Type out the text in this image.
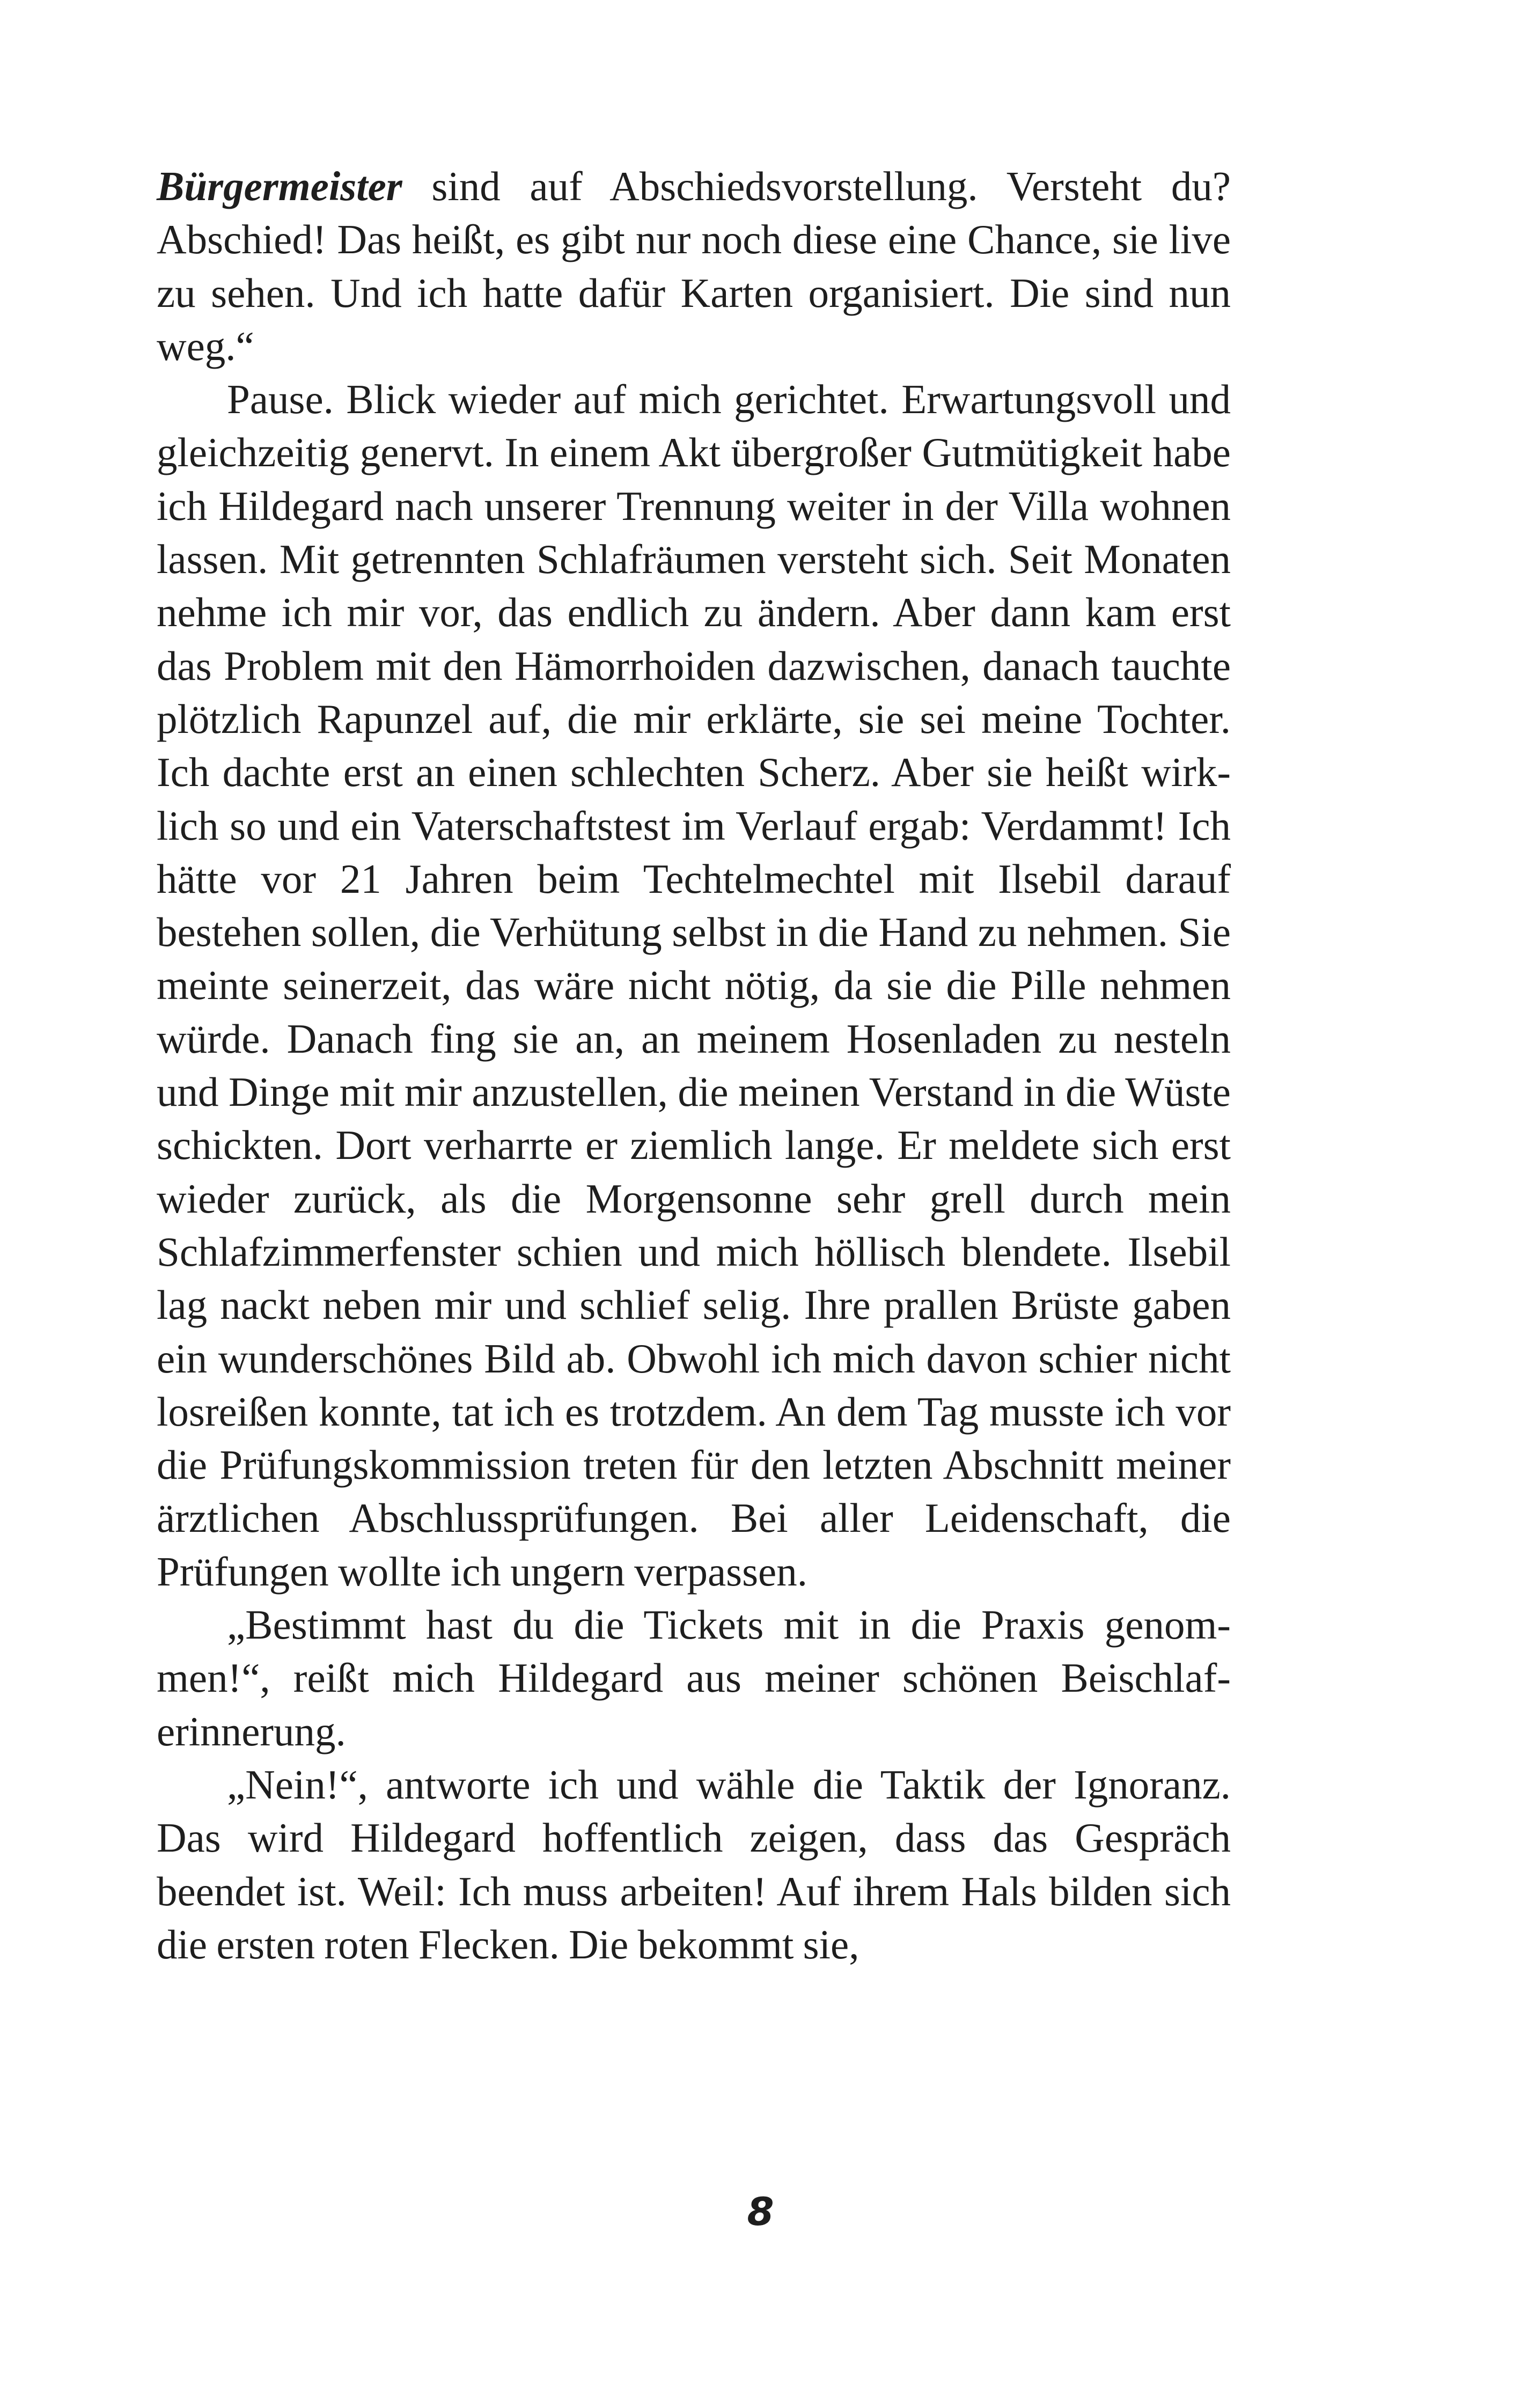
Bürgermeister sind auf Abschiedsvorstellung. Versteht du? Abschied! Das heißt, es gibt nur noch diese eine Chance, sie live zu sehen. Und ich hatte dafür Karten organisiert. Die sind nun weg.“

Pause. Blick wieder auf mich gerichtet. Erwartungsvoll und gleichzeitig genervt. In einem Akt übergroßer Gutmütigkeit habe ich Hildegard nach unserer Trennung weiter in der Villa wohnen lassen. Mit getrennten Schlafräumen versteht sich. Seit Monaten nehme ich mir vor, das endlich zu ändern. Aber dann kam erst das Problem mit den Hämorrhoiden dazwischen, danach tauchte plötzlich Rapunzel auf, die mir erklärte, sie sei meine Tochter. Ich dachte erst an einen schlechten Scherz. Aber sie heißt wirklich so und ein Vaterschaftstest im Verlauf ergab: Verdammt! Ich hätte vor 21 Jahren beim Techtelmechtel mit Ilsebil darauf bestehen sollen, die Verhütung selbst in die Hand zu nehmen. Sie meinte seinerzeit, das wäre nicht nötig, da sie die Pille nehmen würde. Danach fing sie an, an meinem Hosenladen zu nesteln und Dinge mit mir anzustellen, die meinen Verstand in die Wüste schickten. Dort verharrte er ziemlich lange. Er meldete sich erst wieder zurück, als die Morgensonne sehr grell durch mein Schlafzimmerfenster schien und mich höllisch blendete. Ilsebil lag nackt neben mir und schlief selig. Ihre prallen Brüste gaben ein wunderschönes Bild ab. Obwohl ich mich davon schier nicht losreißen konnte, tat ich es trotzdem. An dem Tag musste ich vor die Prüfungskommission treten für den letzten Abschnitt meiner ärztlichen Abschlussprüfungen. Bei aller Leidenschaft, die Prüfungen wollte ich ungern verpassen.

„Bestimmt hast du die Tickets mit in die Praxis genommen!“, reißt mich Hildegard aus meiner schönen Beischlaferinnerung.

„Nein!“, antworte ich und wähle die Taktik der Ignoranz. Das wird Hildegard hoffentlich zeigen, dass das Gespräch beendet ist. Weil: Ich muss arbeiten! Auf ihrem Hals bilden sich die ersten roten Flecken. Die bekommt sie,

8
